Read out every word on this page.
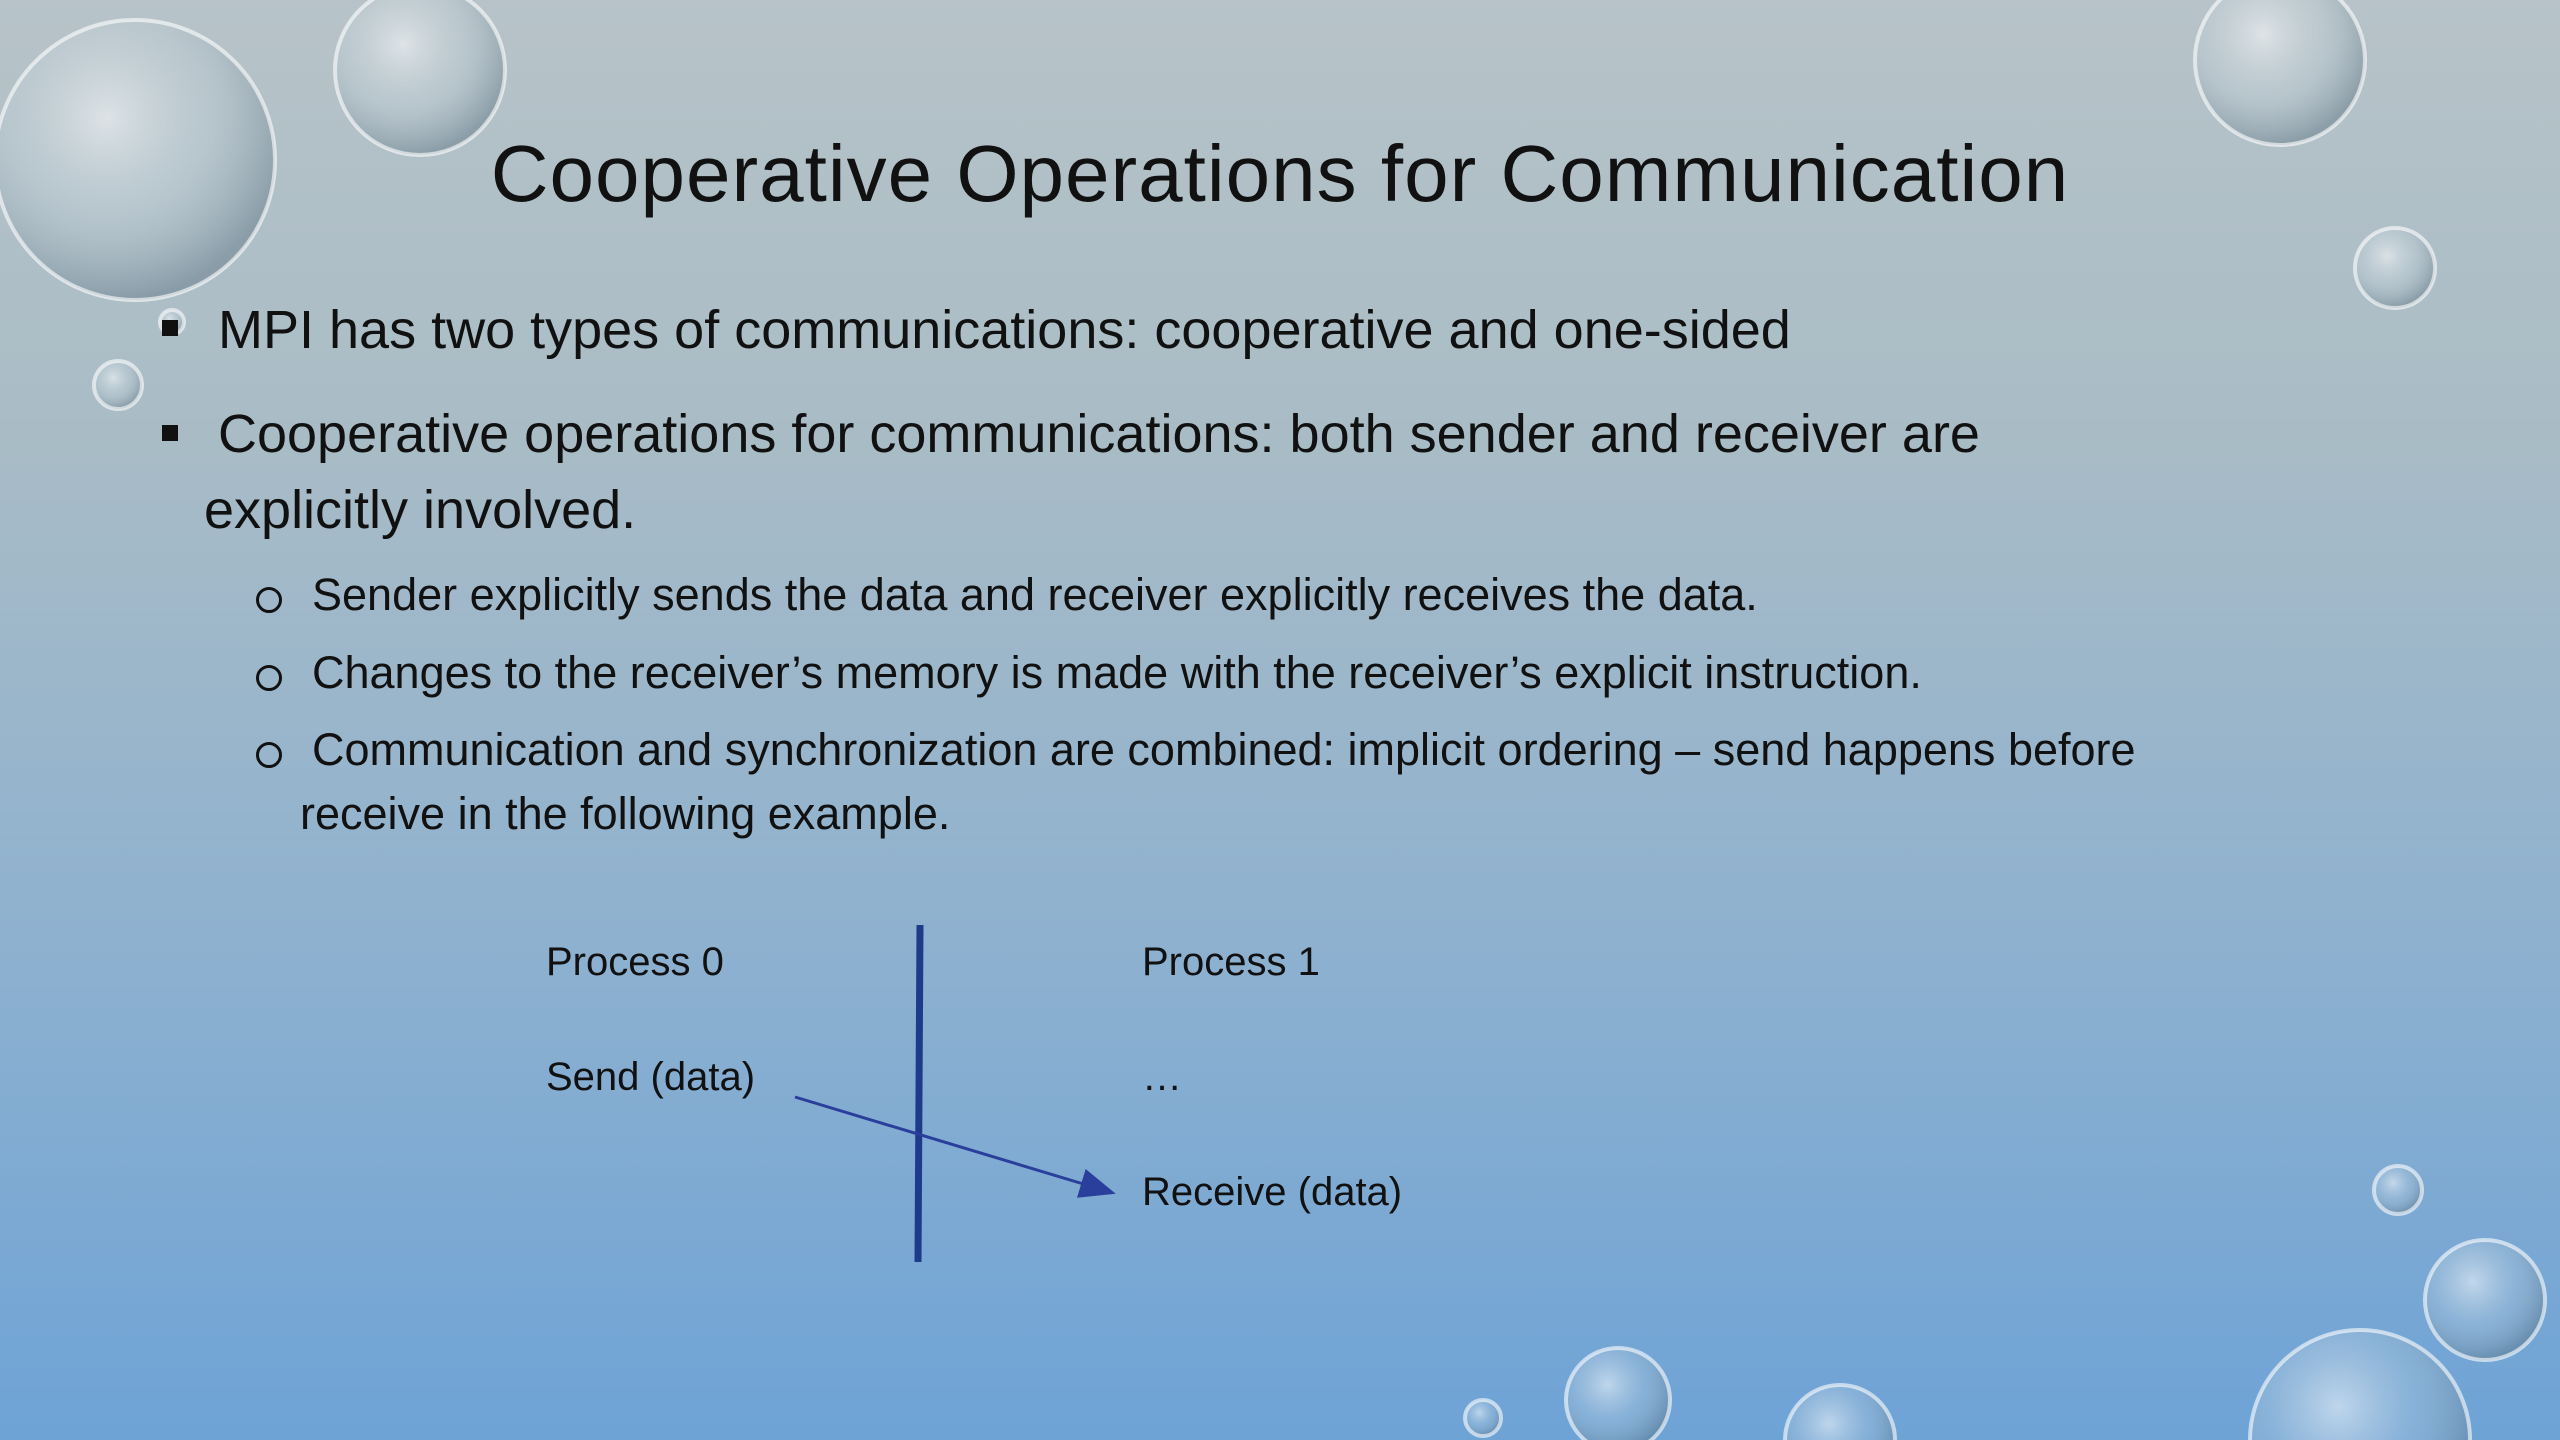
Cooperative Operations for Communication
MPI has two types of communications: cooperative and one-sided
Cooperative operations for communications: both sender and receiver are explicitly involved.
Sender explicitly sends the data and receiver explicitly receives the data.
Changes to the receiver’s memory is made with the receiver’s explicit instruction.
Communication and synchronization are combined: implicit ordering – send happens before receive in the following example.
Process 0	Process 1
Send (data)	…
Receive (data)
